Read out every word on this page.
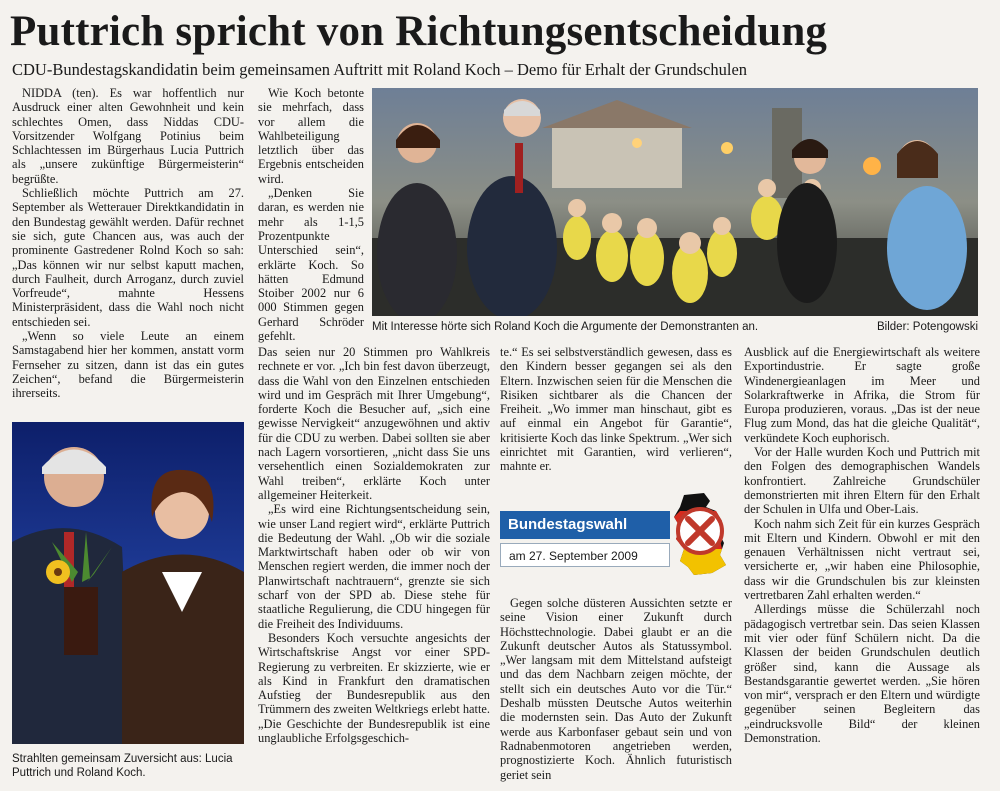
Puttrich spricht von Richtungsentscheidung
CDU-Bundestagskandidatin beim gemeinsamen Auftritt mit Roland Koch – Demo für Erhalt der Grundschulen

NIDDA (ten). Es war hoffentlich nur Ausdruck einer alten Gewohnheit und kein schlechtes Omen, dass Niddas CDU-Vorsitzender Wolfgang Potinius beim Schlachtessen im Bürgerhaus Lucia Puttrich als „unsere zukünftige Bürgermeisterin“ begrüßte.

Schließlich möchte Puttrich am 27. September als Wetterauer Direktkandidatin in den Bundestag gewählt werden. Dafür rechnet sie sich, gute Chancen aus, was auch der prominente Gastredener Rolnd Koch so sah: „Das können wir nur selbst kaputt machen, durch Faulheit, durch Arroganz, durch zuviel Vorfreude“, mahnte Hessens Ministerpräsident, dass die Wahl noch nicht entschieden sei.

„Wenn so viele Leute an einem Samstagabend hier her kommen, anstatt vorm Fernseher zu sitzen, dann ist das ein gutes Zeichen“, befand die Bürgermeisterin ihrerseits.

Wie Koch betonte sie mehrfach, dass vor allem die Wahlbeteiligung letztlich über das Ergebnis entscheiden wird.

„Denken Sie daran, es werden nie mehr als 1-1,5 Prozentpunkte Unterschied sein“, erklärte Koch. So hätten Edmund Stoiber 2002 nur 6 000 Stimmen gegen Gerhard Schröder gefehlt.

Das seien nur 20 Stimmen pro Wahlkreis rechnete er vor. „Ich bin fest davon überzeugt, dass die Wahl von den Einzelnen entschieden wird und im Gespräch mit Ihrer Umgebung“, forderte Koch die Besucher auf, „sich eine gewisse Nervigkeit“ anzugewöhnen und aktiv für die CDU zu werben. Dabei sollten sie aber nach Lagern vorsortieren, „nicht dass Sie uns versehentlich einen Sozialdemokraten zur Wahl treiben“, erklärte Koch unter allgemeiner Heiterkeit.

„Es wird eine Richtungsentscheidung sein, wie unser Land regiert wird“, erklärte Puttrich die Bedeutung der Wahl. „Ob wir die soziale Marktwirtschaft haben oder ob wir von Menschen regiert werden, die immer noch der Planwirtschaft nachtrauern“, grenzte sie sich scharf von der SPD ab. Diese stehe für staatliche Regulierung, die CDU hingegen für die Freiheit des Individuums.

Besonders Koch versuchte angesichts der Wirtschaftskrise Angst vor einer SPD-Regierung zu verbreiten. Er skizzierte, wie er als Kind in Frankfurt den dramatischen Aufstieg der Bundesrepublik aus den Trümmern des zweiten Weltkriegs erlebt hatte. „Die Geschichte der Bundesrepublik ist eine unglaubliche Erfolgsgeschich-

te.“ Es sei selbstverständlich gewesen, dass es den Kindern besser gegangen sei als den Eltern. Inzwischen seien für die Menschen die Risiken sichtbarer als die Chancen der Freiheit. „Wo immer man hinschaut, gibt es auf einmal ein Angebot für Garantie“, kritisierte Koch das linke Spektrum. „Wer sich einrichtet mit Garantien, wird verlieren“, mahnte er.

Bundestagswahl
am 27. September 2009

Gegen solche düsteren Aussichten setzte er seine Vision einer Zukunft durch Höchsttechnologie. Dabei glaubt er an die Zukunft deutscher Autos als Statussymbol. „Wer langsam mit dem Mittelstand aufsteigt und das dem Nachbarn zeigen möchte, der stellt sich ein deutsches Auto vor die Tür.“ Deshalb müssten Deutsche Autos weiterhin die modernsten sein. Das Auto der Zukunft werde aus Karbonfaser gebaut sein und von Radnabenmotoren angetrieben werden, prognostizierte Koch. Ähnlich futuristisch geriet sein

Ausblick auf die Energiewirtschaft als weitere Exportindustrie. Er sagte große Windenergieanlagen im Meer und Solarkraftwerke in Afrika, die Strom für Europa produzieren, voraus. „Das ist der neue Flug zum Mond, das hat die gleiche Qualität“, verkündete Koch euphorisch.

Vor der Halle wurden Koch und Puttrich mit den Folgen des demographischen Wandels konfrontiert. Zahlreiche Grundschüler demonstrierten mit ihren Eltern für den Erhalt der Schulen in Ulfa und Ober-Lais.

Koch nahm sich Zeit für ein kurzes Gespräch mit Eltern und Kindern. Obwohl er mit den genauen Verhältnissen nicht vertraut sei, versicherte er, „wir haben eine Philosophie, dass wir die Grundschulen bis zur kleinsten vertretbaren Zahl erhalten werden.“

Allerdings müsse die Schülerzahl noch pädagogisch vertretbar sein. Das seien Klassen mit vier oder fünf Schülern nicht. Da die Klassen der beiden Grundschulen deutlich größer sind, kann die Aussage als Bestandsgarantie gewertet werden. „Sie hören von mir“, versprach er den Eltern und würdigte gegenüber seinen Begleitern das „eindrucksvolle Bild“ der kleinen Demonstration.

Mit Interesse hörte sich Roland Koch die Argumente der Demonstranten an.	Bilder: Potengowski
Strahlten gemeinsam Zuversicht aus: Lucia Puttrich und Roland Koch.
